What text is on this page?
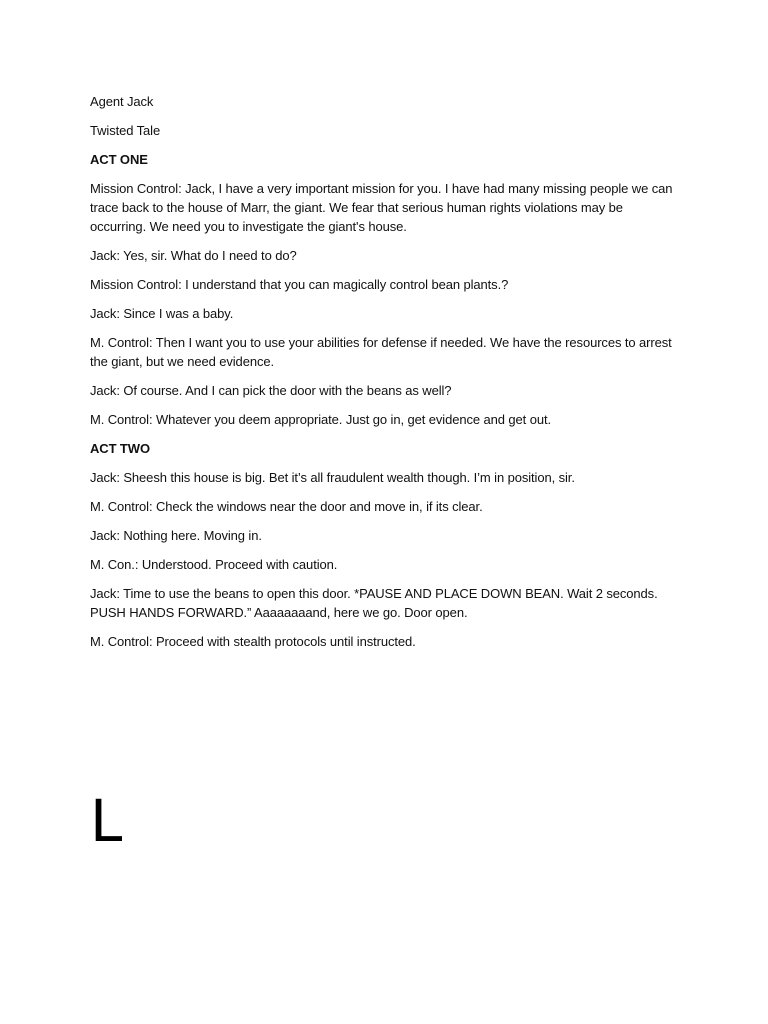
Agent Jack

Twisted Tale

ACT ONE

Mission Control: Jack, I have a very important mission for you. I have had many missing people we can trace back to the house of Marr, the giant. We fear that serious human rights violations may be occurring. We need you to investigate the giant's house.

Jack: Yes, sir. What do I need to do?

Mission Control: I understand that you can magically control bean plants.?

Jack: Since I was a baby.

M. Control: Then I want you to use your abilities for defense if needed. We have the resources to arrest the giant, but we need evidence.

Jack: Of course. And I can pick the door with the beans as well?

M. Control: Whatever you deem appropriate. Just go in, get evidence and get out.

ACT TWO

Jack: Sheesh this house is big. Bet it’s all fraudulent wealth though. I’m in position, sir.

M. Control: Check the windows near the door and move in, if its clear.

Jack: Nothing here. Moving in.

M. Con.: Understood. Proceed with caution.

Jack: Time to use the beans to open this door. *PAUSE AND PLACE DOWN BEAN. Wait 2 seconds. PUSH HANDS FORWARD.” Aaaaaaaand, here we go. Door open.

M. Control: Proceed with stealth protocols until instructed.

L
